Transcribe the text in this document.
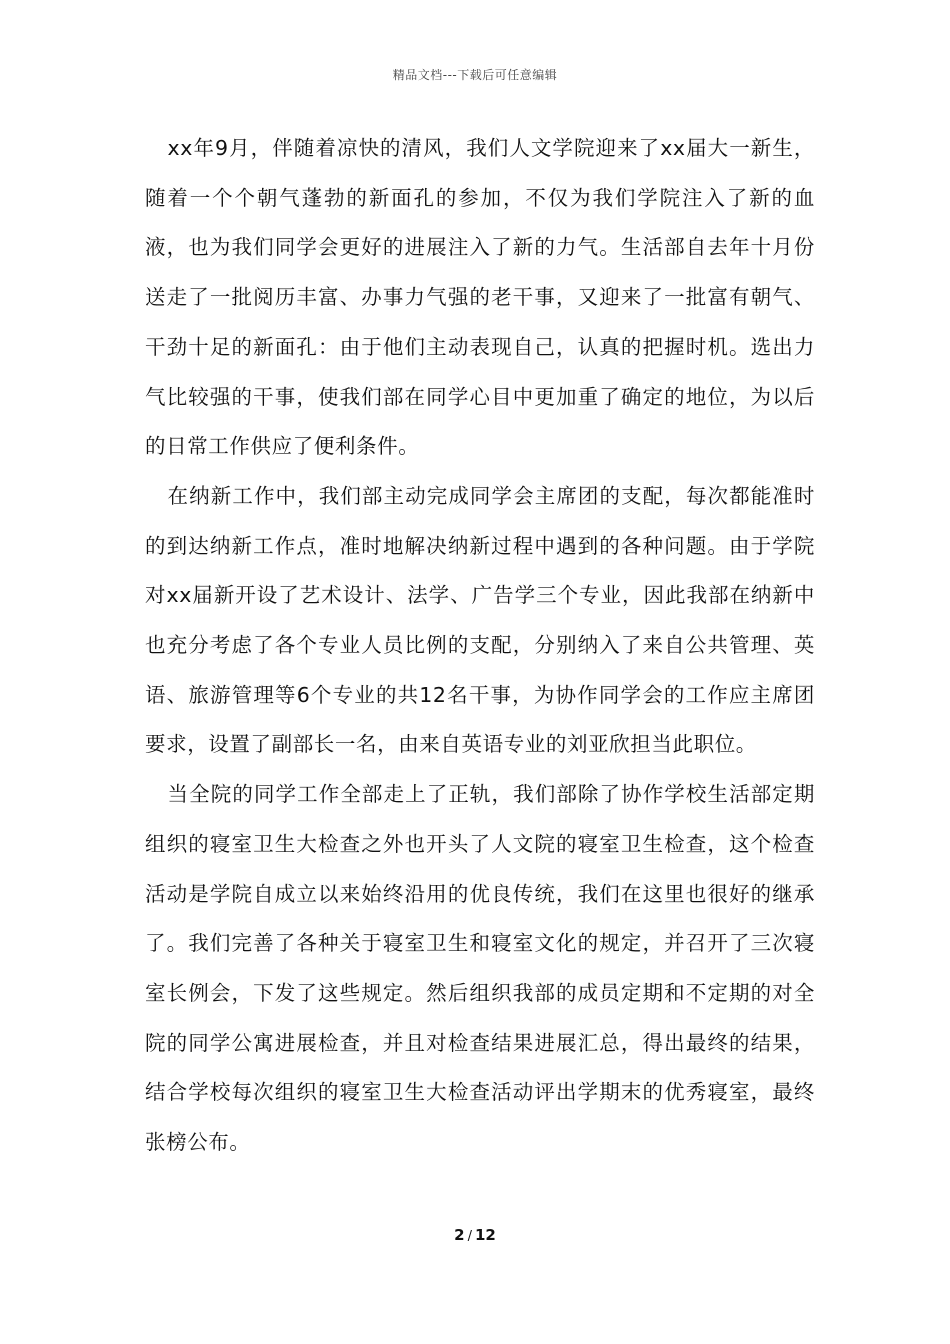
精品文档---下载后可任意编辑

xx年9月，伴随着凉快的清风，我们人文学院迎来了xx届大一新生，随着一个个朝气蓬勃的新面孔的参加，不仅为我们学院注入了新的血液，也为我们同学会更好的进展注入了新的力气。生活部自去年十月份送走了一批阅历丰富、办事力气强的老干事，又迎来了一批富有朝气、干劲十足的新面孔：由于他们主动表现自己，认真的把握时机。选出力气比较强的干事，使我们部在同学心目中更加重了确定的地位，为以后的日常工作供应了便利条件。

在纳新工作中，我们部主动完成同学会主席团的支配，每次都能准时的到达纳新工作点，准时地解决纳新过程中遇到的各种问题。由于学院对xx届新开设了艺术设计、法学、广告学三个专业，因此我部在纳新中也充分考虑了各个专业人员比例的支配，分别纳入了来自公共管理、英语、旅游管理等6个专业的共12名干事，为协作同学会的工作应主席团要求，设置了副部长一名，由来自英语专业的刘亚欣担当此职位。

当全院的同学工作全部走上了正轨，我们部除了协作学校生活部定期组织的寝室卫生大检查之外也开头了人文院的寝室卫生检查，这个检查活动是学院自成立以来始终沿用的优良传统，我们在这里也很好的继承了。我们完善了各种关于寝室卫生和寝室文化的规定，并召开了三次寝室长例会，下发了这些规定。然后组织我部的成员定期和不定期的对全院的同学公寓进展检查，并且对检查结果进展汇总，得出最终的结果，结合学校每次组织的寝室卫生大检查活动评出学期末的优秀寝室，最终张榜公布。

2 / 12
